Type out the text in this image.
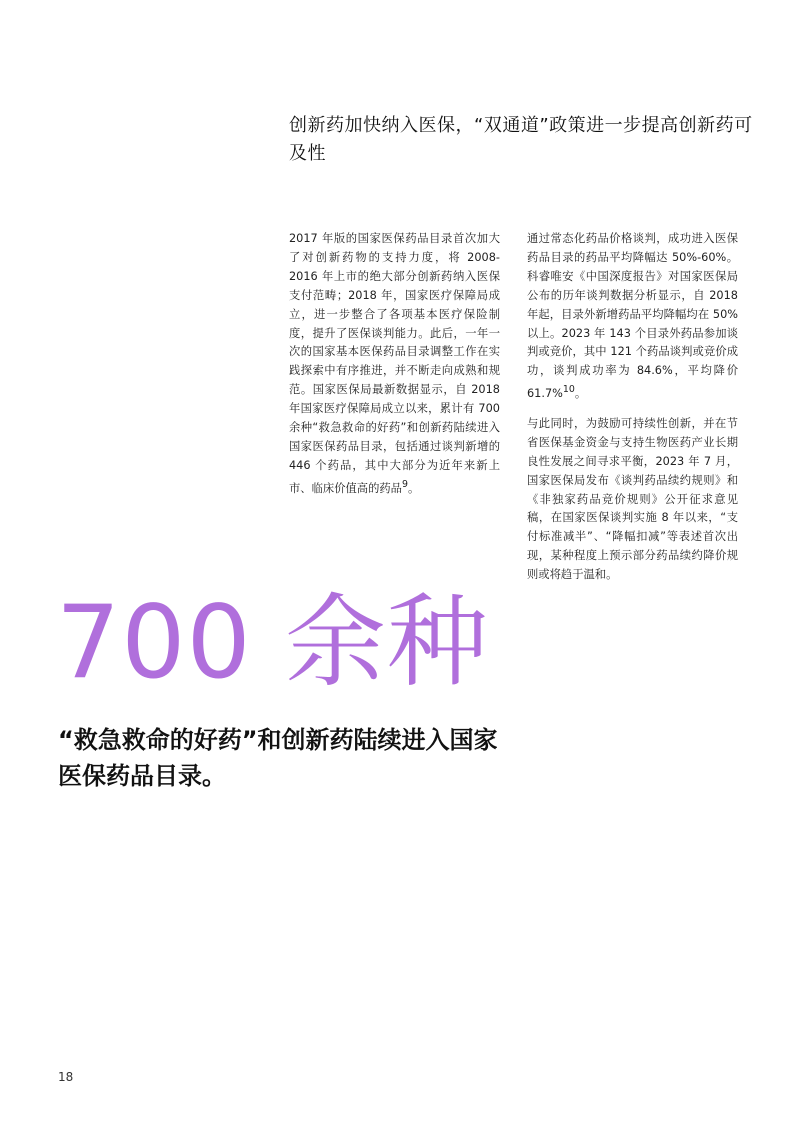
创新药加快纳入医保，“双通道”政策进一步提高创新药可及性

2017 年版的国家医保药品目录首次加大了对创新药物的支持力度，将 2008-2016 年上市的绝大部分创新药纳入医保支付范畴；2018 年，国家医疗保障局成立，进一步整合了各项基本医疗保险制度，提升了医保谈判能力。此后，一年一次的国家基本医保药品目录调整工作在实践探索中有序推进，并不断走向成熟和规范。国家医保局最新数据显示，自 2018 年国家医疗保障局成立以来，累计有 700 余种“救急救命的好药”和创新药陆续进入国家医保药品目录，包括通过谈判新增的 446 个药品，其中大部分为近年来新上市、临床价值高的药品$^9$。

通过常态化药品价格谈判，成功进入医保药品目录的药品平均降幅达 50%-60%。科睿唯安《中国深度报告》对国家医保局公布的历年谈判数据分析显示，自 2018 年起，目录外新增药品平均降幅均在 50% 以上。2023 年 143 个目录外药品参加谈判或竞价，其中 121 个药品谈判或竞价成功，谈判成功率为 84.6%，平均降价 61.7%$^{10}$。

与此同时，为鼓励可持续性创新，并在节省医保基金资金与支持生物医药产业长期良性发展之间寻求平衡，2023 年 7 月，国家医保局发布《谈判药品续约规则》和《非独家药品竞价规则》公开征求意见稿，在国家医保谈判实施 8 年以来，“支付标准减半”、“降幅扣减”等表述首次出现，某种程度上预示部分药品续约降价规则或将趋于温和。

700 余种

“救急救命的好药”和创新药陆续进入国家医保药品目录。

18
